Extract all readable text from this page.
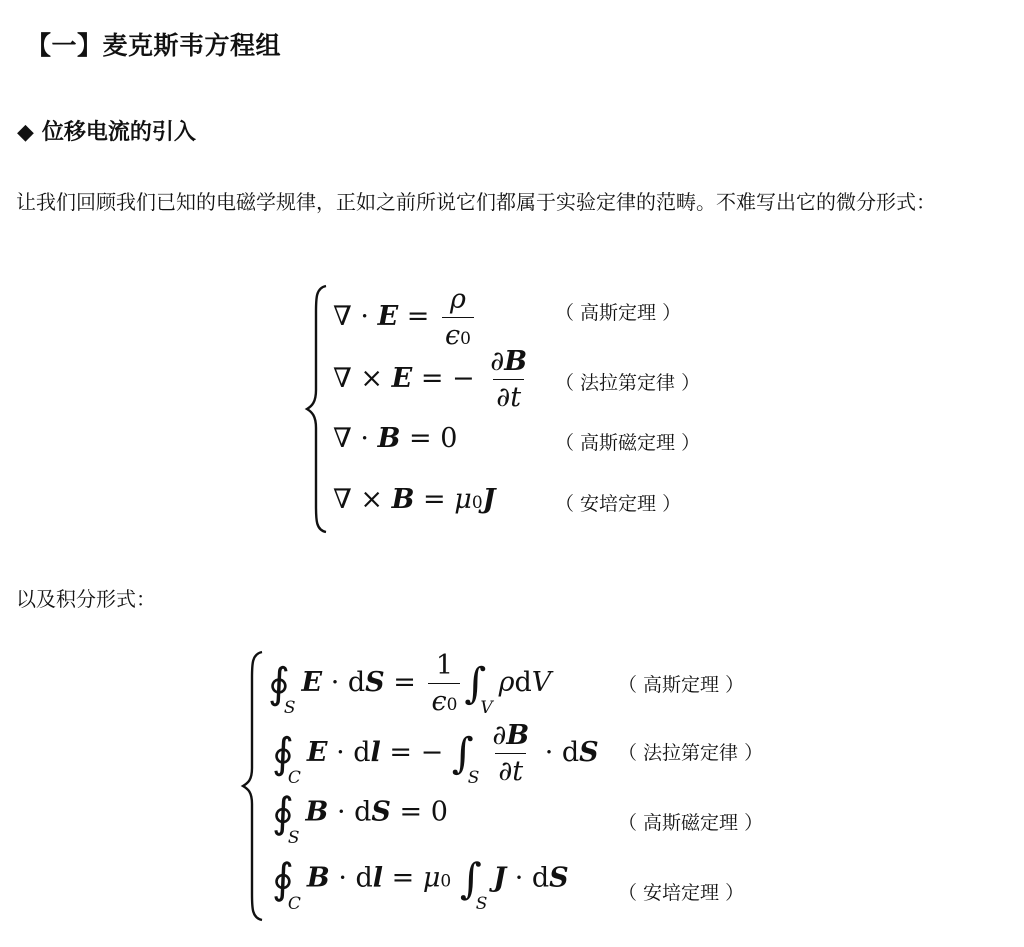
【一】麦克斯韦方程组
◆ 位移电流的引入

让我们回顾我们已知的电磁学规律，正如之前所说它们都属于实验定律的范畴。不难写出它的微分形式：

∇ · $E = \frac{\rho}{\epsilon 0}$	（ 高斯定理 ）
∇ × E = − $\frac{\partial B}{\partial t}$ （ 法拉第定律 ）
∇ · B = 0	（ 高斯磁定理 ）
∇ × B = μ0J	（ 安培定理 ）

以及积分形式：

$∮_SE$ · dS = $\frac{1}{\epsilon 0} \int_V\rho dV$	（ 高斯定理 ）
$∮_CE$ · dl = − $\int_S \frac{\partial B}{\partial t}$ · dS （ 法拉第定律 ）
$∮_SB$ · dS = 0	（ 高斯磁定理 ）
$∮_CB$ · dl = μ0 $\int_SJ$ · dS	（ 安培定理 ）
